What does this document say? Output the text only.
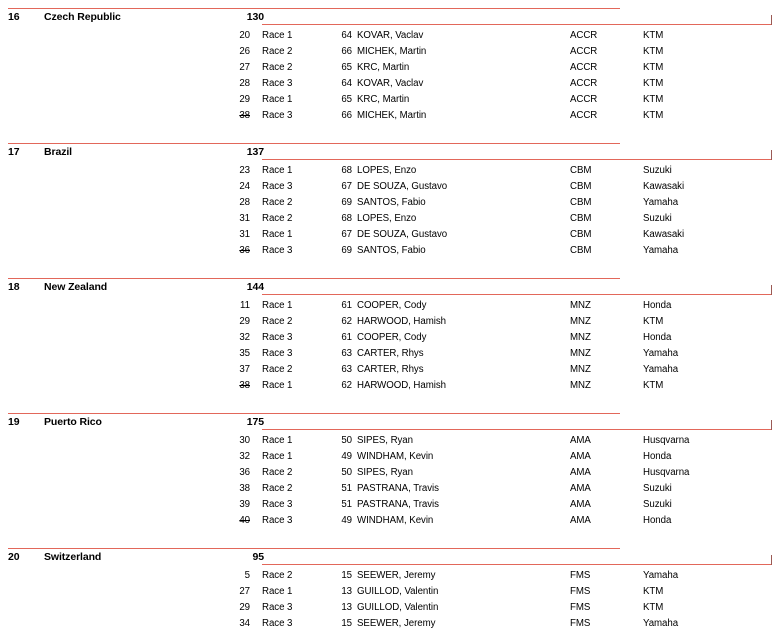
16 Czech Republic	130
20 Race 1	64 KOVAR, Vaclav	ACCR	KTM
26 Race 2	66 MICHEK, Martin	ACCR	KTM
27 Race 2	65 KRC, Martin	ACCR	KTM
28 Race 3	64 KOVAR, Vaclav	ACCR	KTM
29 Race 1	65 KRC, Martin	ACCR	KTM
38 Race 3	66 MICHEK, Martin	ACCR	KTM
17 Brazil	137
23 Race 1	68 LOPES, Enzo	CBM	Suzuki
24 Race 3	67 DE SOUZA, Gustavo	CBM	Kawasaki
28 Race 2	69 SANTOS, Fabio	CBM	Yamaha
31 Race 2	68 LOPES, Enzo	CBM	Suzuki
31 Race 1	67 DE SOUZA, Gustavo	CBM	Kawasaki
36 Race 3	69 SANTOS, Fabio	CBM	Yamaha
18 New Zealand	144
11 Race 1	61 COOPER, Cody	MNZ	Honda
29 Race 2	62 HARWOOD, Hamish	MNZ	KTM
32 Race 3	61 COOPER, Cody	MNZ	Honda
35 Race 3	63 CARTER, Rhys	MNZ	Yamaha
37 Race 2	63 CARTER, Rhys	MNZ	Yamaha
38 Race 1	62 HARWOOD, Hamish	MNZ	KTM
19 Puerto Rico	175
30 Race 1	50 SIPES, Ryan	AMA	Husqvarna
32 Race 1	49 WINDHAM, Kevin	AMA	Honda
36 Race 2	50 SIPES, Ryan	AMA	Husqvarna
38 Race 2	51 PASTRANA, Travis	AMA	Suzuki
39 Race 3	51 PASTRANA, Travis	AMA	Suzuki
40 Race 3	49 WINDHAM, Kevin	AMA	Honda
20 Switzerland	95
5 Race 2	15 SEEWER, Jeremy	FMS	Yamaha
27 Race 1	13 GUILLOD, Valentin	FMS	KTM
29 Race 3	13 GUILLOD, Valentin	FMS	KTM
34 Race 3	15 SEEWER, Jeremy	FMS	Yamaha
